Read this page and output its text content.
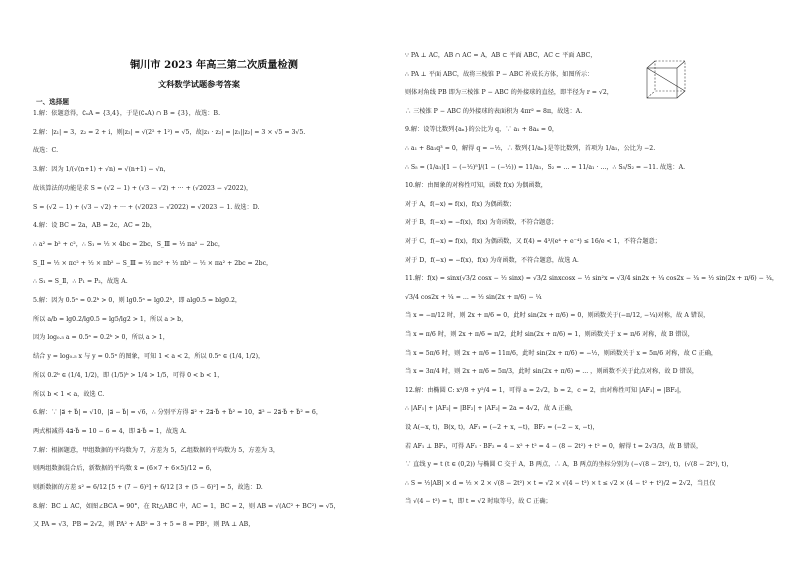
铜川市 2023 年高三第二次质量检测
文科数学试题参考答案
一、选择题
1.解：依题意得，∁ᵤA = {3,4}，于是(∁ᵤA) ∩ B = {3}，故选：B.
2.解：|z₁| = 3，z₂ = 2 + i，则|z₂| = √(2² + 1²) = √5，故|z₁ · z₂| = |z₁||z₂| = 3 × √5 = 3√5.
故选：C.
3.解：因为 1/(√(n+1) + √n) = √(n+1) − √n，
故该算法的功能是求 S = (√2 − 1) + (√3 − √2) + ··· + (√2023 − √2022)，
S = (√2 − 1) + (√3 − √2) + ··· + (√2023 − √2022) = √2023 − 1. 故选：D.
4.解：设 BC = 2a，AB = 2c，AC = 2b，
∴ a² = b² + c²，∴ S₁ = ½ × 4bc = 2bc，S_Ⅲ = ½ πa² − 2bc，
S_Ⅱ = ½ × πc² + ½ × πb² − S_Ⅲ = ½ πc² + ½ πb² − ½ × πa² + 2bc = 2bc，
∴ S₁ = S_Ⅱ，∴ P₁ = P₂，故选 A.
5.解：因为 0.5ᵃ = 0.2ᵇ > 0，则 lg0.5ᵃ = lg0.2ᵇ，即 alg0.5 = blg0.2，
所以 a/b = lg0.2/lg0.5 = lg5/lg2 > 1，所以 a > b，
因为 log₀.₅ a = 0.5ᵃ = 0.2ᵇ > 0，所以 a > 1，
结合 y = log₀.₅ x 与 y = 0.5ˣ 的图象，可知 1 < a < 2，所以 0.5ᵃ ∈ (1/4, 1/2)，
所以 0.2ᵇ ∈ (1/4, 1/2)，即 (1/5)ᵇ > 1/4 > 1/5，可得 0 < b < 1，
所以 b < 1 < a，故选 C.
6.解：∵ |a⃗ + b⃗| = √10，|a⃗ − b⃗| = √6，∴ 分别平方得 a⃗² + 2a⃗·b⃗ + b⃗² = 10，a⃗² − 2a⃗·b⃗ + b⃗² = 6，
两式相减得 4a⃗·b⃗ = 10 − 6 = 4，即 a⃗·b⃗ = 1，故选 A.
7.解：根据题意，甲组数据的平均数为 7，方差为 5，乙组数据的平均数为 5，方差为 3，
则两组数据混合后，新数据的平均数 x̄ = (6×7 + 6×5)/12 = 6，
则新数据的方差 s² = 6/12 [5 + (7 − 6)²] + 6/12 [3 + (5 − 6)²] = 5，故选：D.
8.解：BC ⊥ AC，如图∠BCA = 90°，在 Rt△ABC 中，AC = 1，BC = 2，则 AB = √(AC² + BC²) = √5，
又 PA = √3，PB = 2√2，则 PA² + AB² = 3 + 5 = 8 = PB²，则 PA ⊥ AB，
∵ PA ⊥ AC，AB ∩ AC = A，AB ⊂ 平面 ABC，AC ⊂ 平面 ABC，
∴ PA ⊥ 平面 ABC，故将三棱锥 P − ABC 补成长方体，如图所示：
则体对角线 PB 即为三棱锥 P − ABC 的外接球的直径，即半径为 r = √2，
∴ 三棱锥 P − ABC 的外接球的表面积为 4πr² = 8π，故选：A.
9.解：设等比数列{aₙ}的公比为 q，∵ a₁ + 8a₄ = 0，
∴ a₁ + 8a₁q³ = 0，解得 q = −½，∴ 数列{1/aₙ}是等比数列，首项为 1/a₁，公比为 −2.
∴ S₅ = (1/a₁)[1 − (−½)⁵]/(1 − (−½)) = 11/a₁，S₂ = ... = 11/a₁ · ...，∴ S₅/S₂ = −11. 故选：A.
10.解：由图象的对称性可知，函数 f(x) 为偶函数，
对于 A，f(−x) = f(x)，f(x) 为偶函数；
对于 B，f(−x) = −f(x)，f(x) 为奇函数，不符合题意；
对于 C，f(−x) = f(x)，f(x) 为偶函数，又 f(4) = 4³/(e⁴ + e⁻⁴) ≤ 16/e < 1，不符合题意；
对于 D，f(−x) = −f(x)，f(x) 为奇函数，不符合题意，故选 A.
11.解：f(x) = sinx(√3/2 cosx − ½ sinx) = √3/2 sinxcosx − ½ sin²x = √3/4 sin2x + ¼ cos2x − ¼ = ½ sin(2x + π/6) − ¼，
√3/4 cos2x + ¼ = ... = ½ sin(2x + π/6) − ¼
当 x = −π/12 时，则 2x + π/6 = 0，此时 sin(2x + π/6) = 0，则函数关于(−π/12, −¼)对称，故 A 错误，
当 x = π/6 时，则 2x + π/6 = π/2，此时 sin(2x + π/6) = 1，则函数关于 x = π/6 对称，故 B 错误，
当 x = 5π/6 时，则 2x + π/6 = 11π/6，此时 sin(2x + π/6) = −½，则函数关于 x = 5π/6 对称，故 C 正确，
当 x = 3π/4 时，则 2x + π/6 = 5π/3，此时 sin(2x + π/6) = ... ，则函数不关于此点对称，故 D 错误，
12.解：由椭圆 C: x²/8 + y²/4 = 1，可得 a = 2√2，b = 2，c = 2，由对称性可知 |AF₁| = |BF₂|，
∴ |AF₁| + |AF₂| = |BF₂| + |AF₂| = 2a = 4√2，故 A 正确，
设 A(−x, t)，B(x, t)，AF₁ = (−2 + x, −t)，BF₂ = (−2 − x, −t)，
若 AF₁ ⊥ BF₂，可得 AF₁ · BF₂ = 4 − x² + t² = 4 − (8 − 2t²) + t² = 0，解得 t = 2√3/3，故 B 错误，
∵ 直线 y = t (t ∈ (0,2)) 与椭圆 C 交于 A，B 两点，∴ A，B 两点的坐标分别为 (−√(8 − 2t²), t)，(√(8 − 2t²), t)，
∴ S = ½|AB| × d = ½ × 2 × √(8 − 2t²) × t = √2 × √(4 − t²) × t ≤ √2 × (4 − t² + t²)/2 = 2√2，当且仅
当 √(4 − t²) = t，即 t = √2 时取等号，故 C 正确；
